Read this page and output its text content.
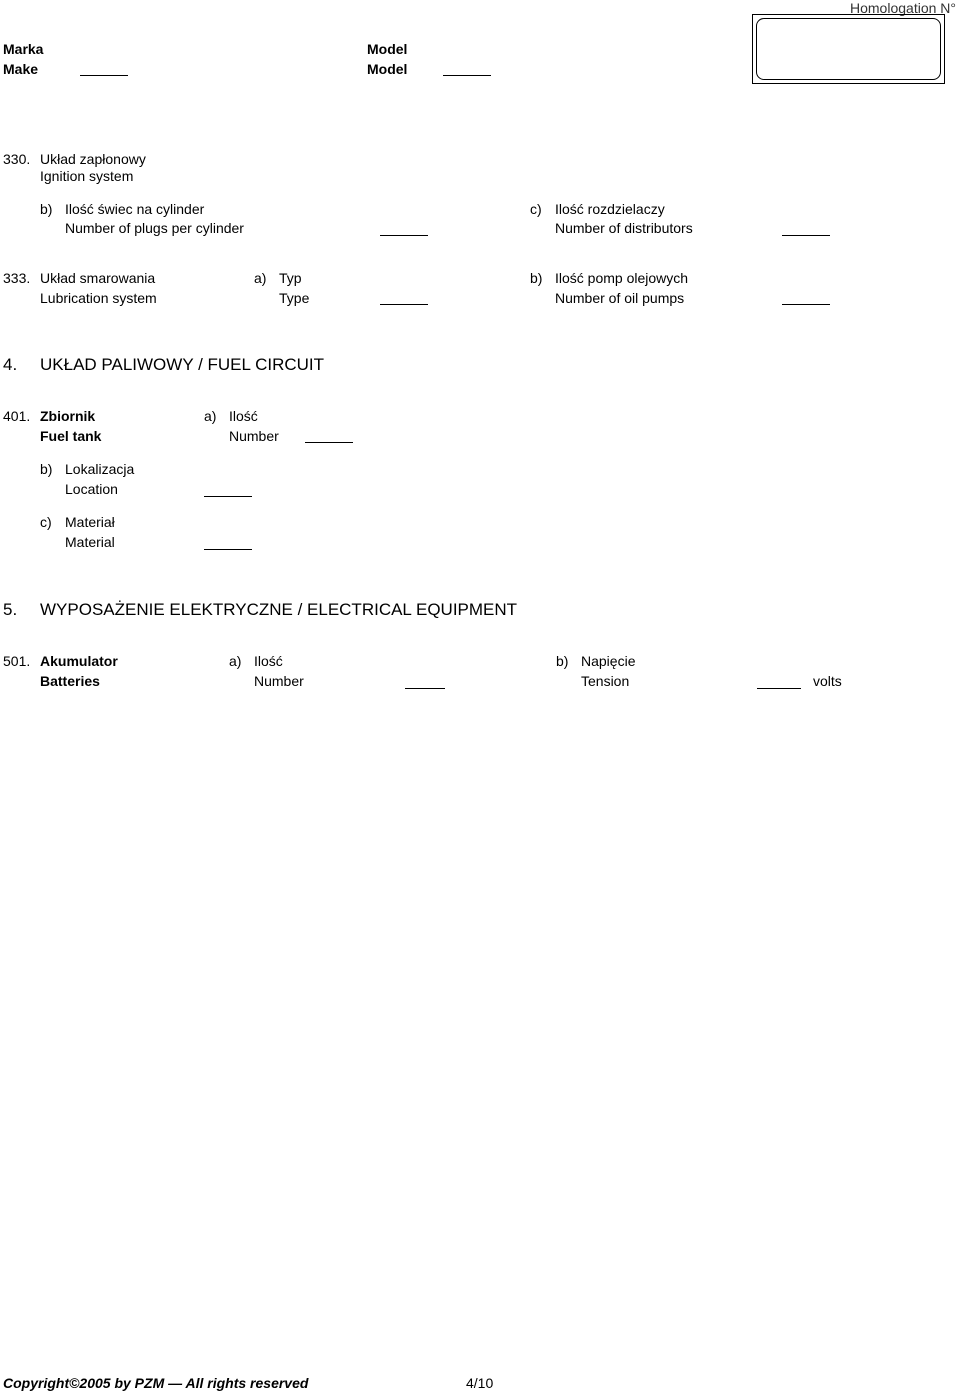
Homologation N°
Marka
Make
Model
Model
330. Układ zapłonowy
Ignition system
b) Ilość świec na cylinder
Number of plugs per cylinder
c) Ilość rozdzielaczy
Number of distributors
333. Układ smarowania
Lubrication system
a) Typ
Type
b) Ilość pomp olejowych
Number of oil pumps
4. UKŁAD PALIWOWY / FUEL CIRCUIT
401. Zbiornik
Fuel tank
a) Ilość
Number
b) Lokalizacja
Location
c) Materiał
Material
5. WYPOSAŻENIE ELEKTRYCZNE / ELECTRICAL EQUIPMENT
501. Akumulator
Batteries
a) Ilość
Number
b) Napięcie
Tension	volts
Copyright©2005 by PZM — All rights reserved	4/10
